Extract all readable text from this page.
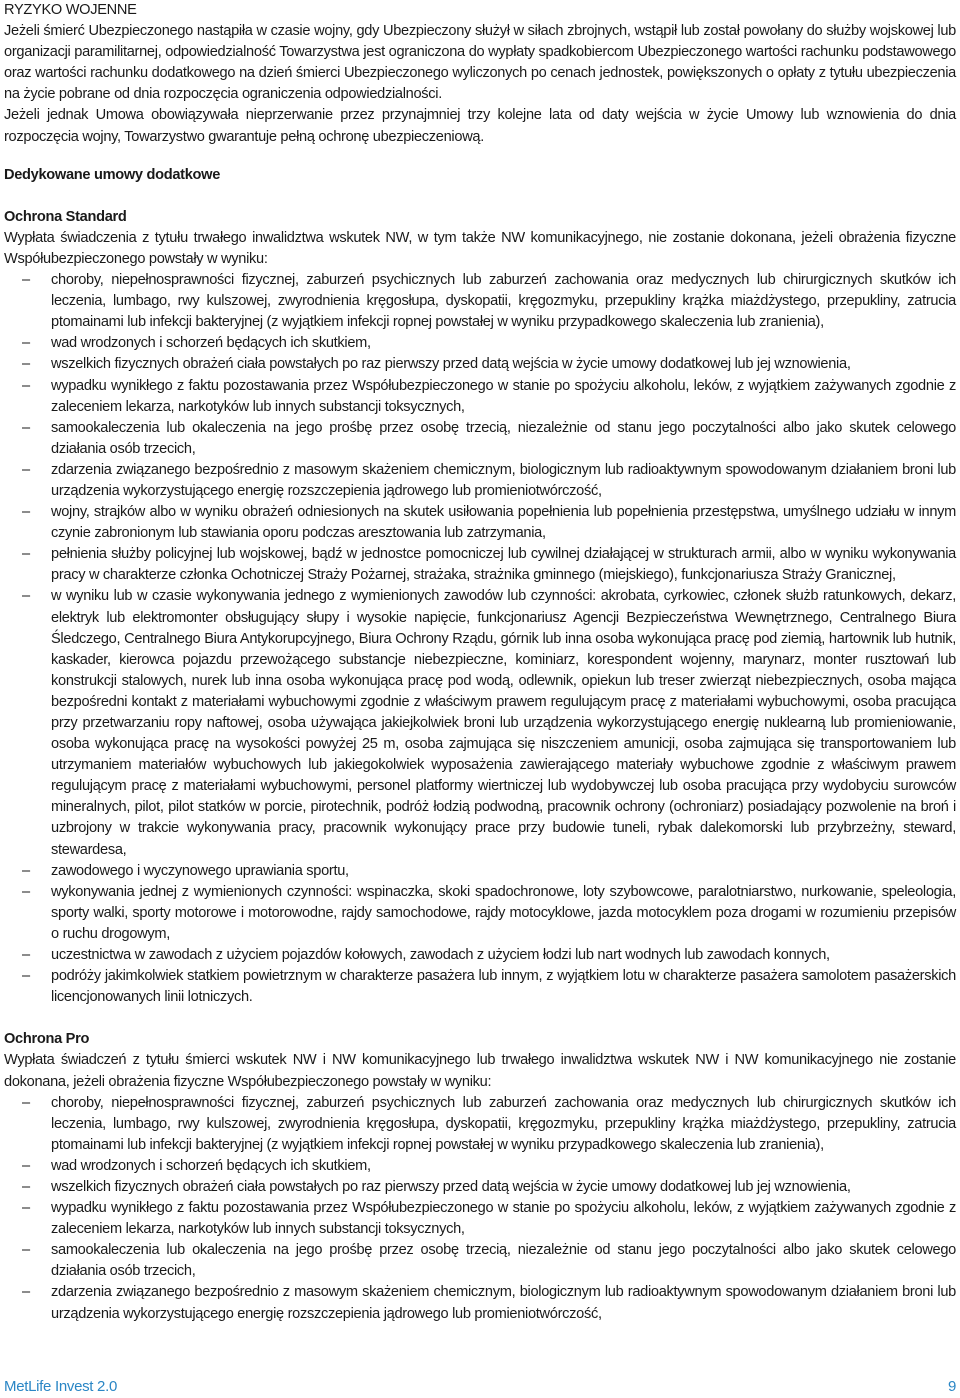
RYZYKO WOJENNE

Jeżeli śmierć Ubezpieczonego nastąpiła w czasie wojny, gdy Ubezpieczony służył w siłach zbrojnych, wstąpił lub został powołany do służby wojskowej lub organizacji paramilitarnej, odpowiedzialność Towarzystwa jest ograniczona do wypłaty spadkobiercom Ubezpieczonego wartości rachunku podstawowego oraz wartości rachunku dodatkowego na dzień śmierci Ubezpieczonego wyliczonych po cenach jednostek, powiększonych o opłaty z tytułu ubezpieczenia na życie pobrane od dnia rozpoczęcia ograniczenia odpowiedzialności.

Jeżeli jednak Umowa obowiązywała nieprzerwanie przez przynajmniej trzy kolejne lata od daty wejścia w życie Umowy lub wznowienia do dnia rozpoczęcia wojny, Towarzystwo gwarantuje pełną ochronę ubezpieczeniową.

Dedykowane umowy dodatkowe
Ochrona Standard

Wypłata świadczenia z tytułu trwałego inwalidztwa wskutek NW, w tym także NW komunikacyjnego, nie zostanie dokonana, jeżeli obrażenia fizyczne Współubezpieczonego powstały w wyniku:

– choroby, niepełnosprawności fizycznej, zaburzeń psychicznych lub zaburzeń zachowania oraz medycznych lub chirurgicznych skutków ich leczenia, lumbago, rwy kulszowej, zwyrodnienia kręgosłupa, dyskopatii, kręgozmyku, przepukliny krążka miażdżystego, przepukliny, zatrucia ptomainami lub infekcji bakteryjnej (z wyjątkiem infekcji ropnej powstałej w wyniku przypadkowego skaleczenia lub zranienia),
– wad wrodzonych i schorzeń będących ich skutkiem,
– wszelkich fizycznych obrażeń ciała powstałych po raz pierwszy przed datą wejścia w życie umowy dodatkowej lub jej wznowienia,
– wypadku wynikłego z faktu pozostawania przez Współubezpieczonego w stanie po spożyciu alkoholu, leków, z wyjątkiem zażywanych zgodnie z zaleceniem lekarza, narkotyków lub innych substancji toksycznych,
– samookaleczenia lub okaleczenia na jego prośbę przez osobę trzecią, niezależnie od stanu jego poczytalności albo jako skutek celowego działania osób trzecich,
– zdarzenia związanego bezpośrednio z masowym skażeniem chemicznym, biologicznym lub radioaktywnym spowodowanym działaniem broni lub urządzenia wykorzystującego energię rozszczepienia jądrowego lub promieniotwórczość,
– wojny, strajków albo w wyniku obrażeń odniesionych na skutek usiłowania popełnienia lub popełnienia przestępstwa, umyślnego udziału w innym czynie zabronionym lub stawiania oporu podczas aresztowania lub zatrzymania,
– pełnienia służby policyjnej lub wojskowej, bądź w jednostce pomocniczej lub cywilnej działającej w strukturach armii, albo w wyniku wykonywania pracy w charakterze członka Ochotniczej Straży Pożarnej, strażaka, strażnika gminnego (miejskiego), funkcjonariusza Straży Granicznej,
– w wyniku lub w czasie wykonywania jednego z wymienionych zawodów lub czynności: akrobata, cyrkowiec, członek służb ratunkowych, dekarz, elektryk lub elektromonter obsługujący słupy i wysokie napięcie, funkcjonariusz Agencji Bezpieczeństwa Wewnętrznego, Centralnego Biura Śledczego, Centralnego Biura Antykorupcyjnego, Biura Ochrony Rządu, górnik lub inna osoba wykonująca pracę pod ziemią, hartownik lub hutnik, kaskader, kierowca pojazdu przewożącego substancje niebezpieczne, kominiarz, korespondent wojenny, marynarz, monter rusztowań lub konstrukcji stalowych, nurek lub inna osoba wykonująca pracę pod wodą, odlewnik, opiekun lub treser zwierząt niebezpiecznych, osoba mająca bezpośredni kontakt z materiałami wybuchowymi zgodnie z właściwym prawem regulującym pracę z materiałami wybuchowymi, osoba pracująca przy przetwarzaniu ropy naftowej, osoba używająca jakiejkolwiek broni lub urządzenia wykorzystującego energię nuklearną lub promieniowanie, osoba wykonująca pracę na wysokości powyżej 25 m, osoba zajmująca się niszczeniem amunicji, osoba zajmująca się transportowaniem lub utrzymaniem materiałów wybuchowych lub jakiegokolwiek wyposażenia zawierającego materiały wybuchowe zgodnie z właściwym prawem regulującym pracę z materiałami wybuchowymi, personel platformy wiertniczej lub wydobywczej lub osoba pracująca przy wydobyciu surowców mineralnych, pilot, pilot statków w porcie, pirotechnik, podróż łodzią podwodną, pracownik ochrony (ochroniarz) posiadający pozwolenie na broń i uzbrojony w trakcie wykonywania pracy, pracownik wykonujący prace przy budowie tuneli, rybak dalekomorski lub przybrzeżny, steward, stewardesa,
– zawodowego i wyczynowego uprawiania sportu,
– wykonywania jednej z wymienionych czynności: wspinaczka, skoki spadochronowe, loty szybowcowe, paralotniarstwo, nurkowanie, speleologia, sporty walki, sporty motorowe i motorowodne, rajdy samochodowe, rajdy motocyklowe, jazda motocyklem poza drogami w rozumieniu przepisów o ruchu drogowym,
– uczestnictwa w zawodach z użyciem pojazdów kołowych, zawodach z użyciem łodzi lub nart wodnych lub zawodach konnych,
– podróży jakimkolwiek statkiem powietrznym w charakterze pasażera lub innym, z wyjątkiem lotu w charakterze pasażera samolotem pasażerskich licencjonowanych linii lotniczych.
Ochrona Pro

Wypłata świadczeń z tytułu śmierci wskutek NW i NW komunikacyjnego lub trwałego inwalidztwa wskutek NW i NW komunikacyjnego nie zostanie dokonana, jeżeli obrażenia fizyczne Współubezpieczonego powstały w wyniku:

– choroby, niepełnosprawności fizycznej, zaburzeń psychicznych lub zaburzeń zachowania oraz medycznych lub chirurgicznych skutków ich leczenia, lumbago, rwy kulszowej, zwyrodnienia kręgosłupa, dyskopatii, kręgozmyku, przepukliny krążka miażdżystego, przepukliny, zatrucia ptomainami lub infekcji bakteryjnej (z wyjątkiem infekcji ropnej powstałej w wyniku przypadkowego skaleczenia lub zranienia),
– wad wrodzonych i schorzeń będących ich skutkiem,
– wszelkich fizycznych obrażeń ciała powstałych po raz pierwszy przed datą wejścia w życie umowy dodatkowej lub jej wznowienia,
– wypadku wynikłego z faktu pozostawania przez Współubezpieczonego w stanie po spożyciu alkoholu, leków, z wyjątkiem zażywanych zgodnie z zaleceniem lekarza, narkotyków lub innych substancji toksycznych,
– samookaleczenia lub okaleczenia na jego prośbę przez osobę trzecią, niezależnie od stanu jego poczytalności albo jako skutek celowego działania osób trzecich,
– zdarzenia związanego bezpośrednio z masowym skażeniem chemicznym, biologicznym lub radioaktywnym spowodowanym działaniem broni lub urządzenia wykorzystującego energię rozszczepienia jądrowego lub promieniotwórczość,
MetLife Invest 2.0	9
